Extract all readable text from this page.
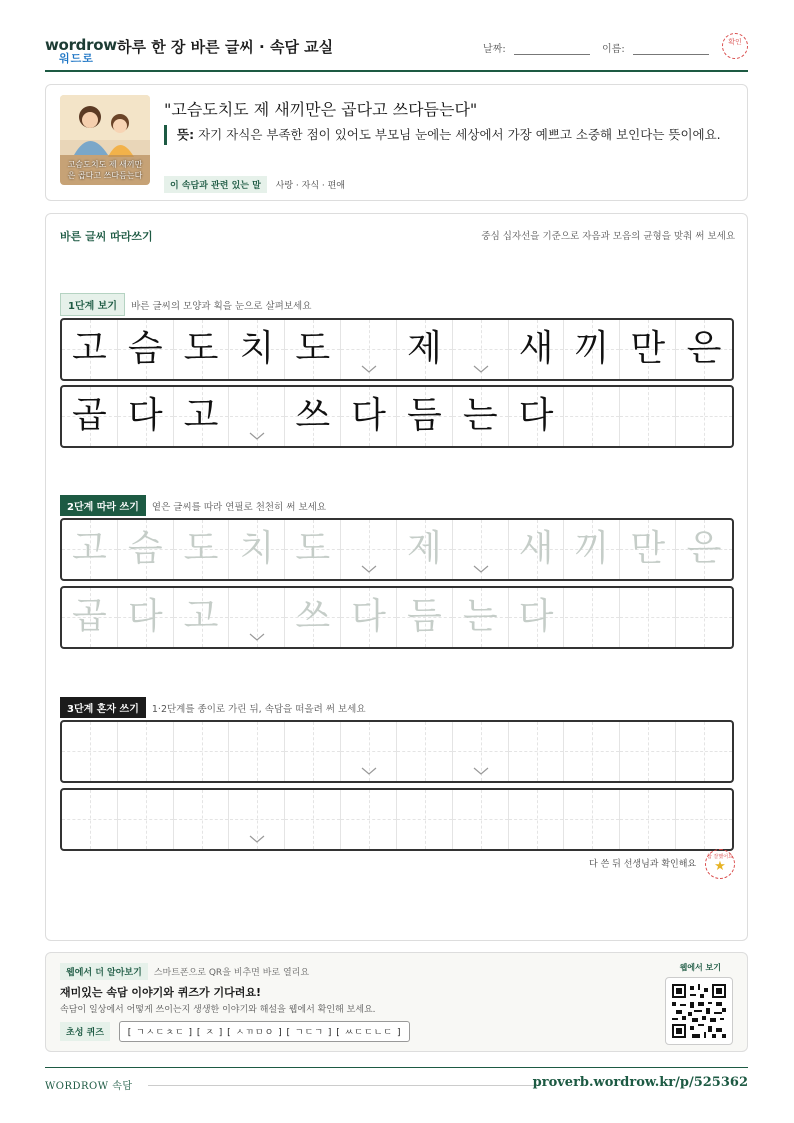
wordrow
워드로
하루 한 장 바른 글씨 · 속담 교실	날짜:	이름:
확인
고슴도치도 제 새끼만은 곱다고 쓰다듬는다
"고슴도치도 제 새끼만은 곱다고 쓰다듬는다"
뜻: 자기 자식은 부족한 점이 있어도 부모님 눈에는 세상에서 가장 예쁘고 소중해 보인다는 뜻이에요.
이 속담과 관련 있는 말 사랑 · 자식 · 편애
바른 글씨 따라쓰기	중심 십자선을 기준으로 자음과 모음의 균형을 맞춰 써 보세요
1단계 보기 바른 글씨의 모양과 획을 눈으로 살펴보세요
고 슴 도 치 도 제 새 끼 만 은
곱 다 고 쓰 다 듬 는 다
2단계 따라 쓰기 옅은 글씨를 따라 연필로 천천히 써 보세요
고 슴 도 치 도 제 새 끼 만 은
곱 다 고 쓰 다 듬 는 다
3단계 혼자 쓰기 1·2단계를 종이로 가린 뒤, 속담을 떠올려 써 보세요
다 쓴 뒤 선생님과 확인해요
참 잘했어요
★
웹에서 더 알아보기 스마트폰으로 QR을 비추면 바로 열리요
재미있는 속담 이야기와 퀴즈가 기다려요!
속담이 일상에서 어떻게 쓰이는지 생생한 이야기와 해설을 웹에서 확인해 보세요.
초성 퀴즈	[ ㄱㅅㄷㅊㄷ ] [ ㅈ ] [ ㅅㄲㅁㅇ ] [ ㄱㄷㄱ ] [ ㅆㄷㄷㄴㄷ ]
웹에서 보기
WORDROW 속담	proverb.wordrow.kr/p/525362
